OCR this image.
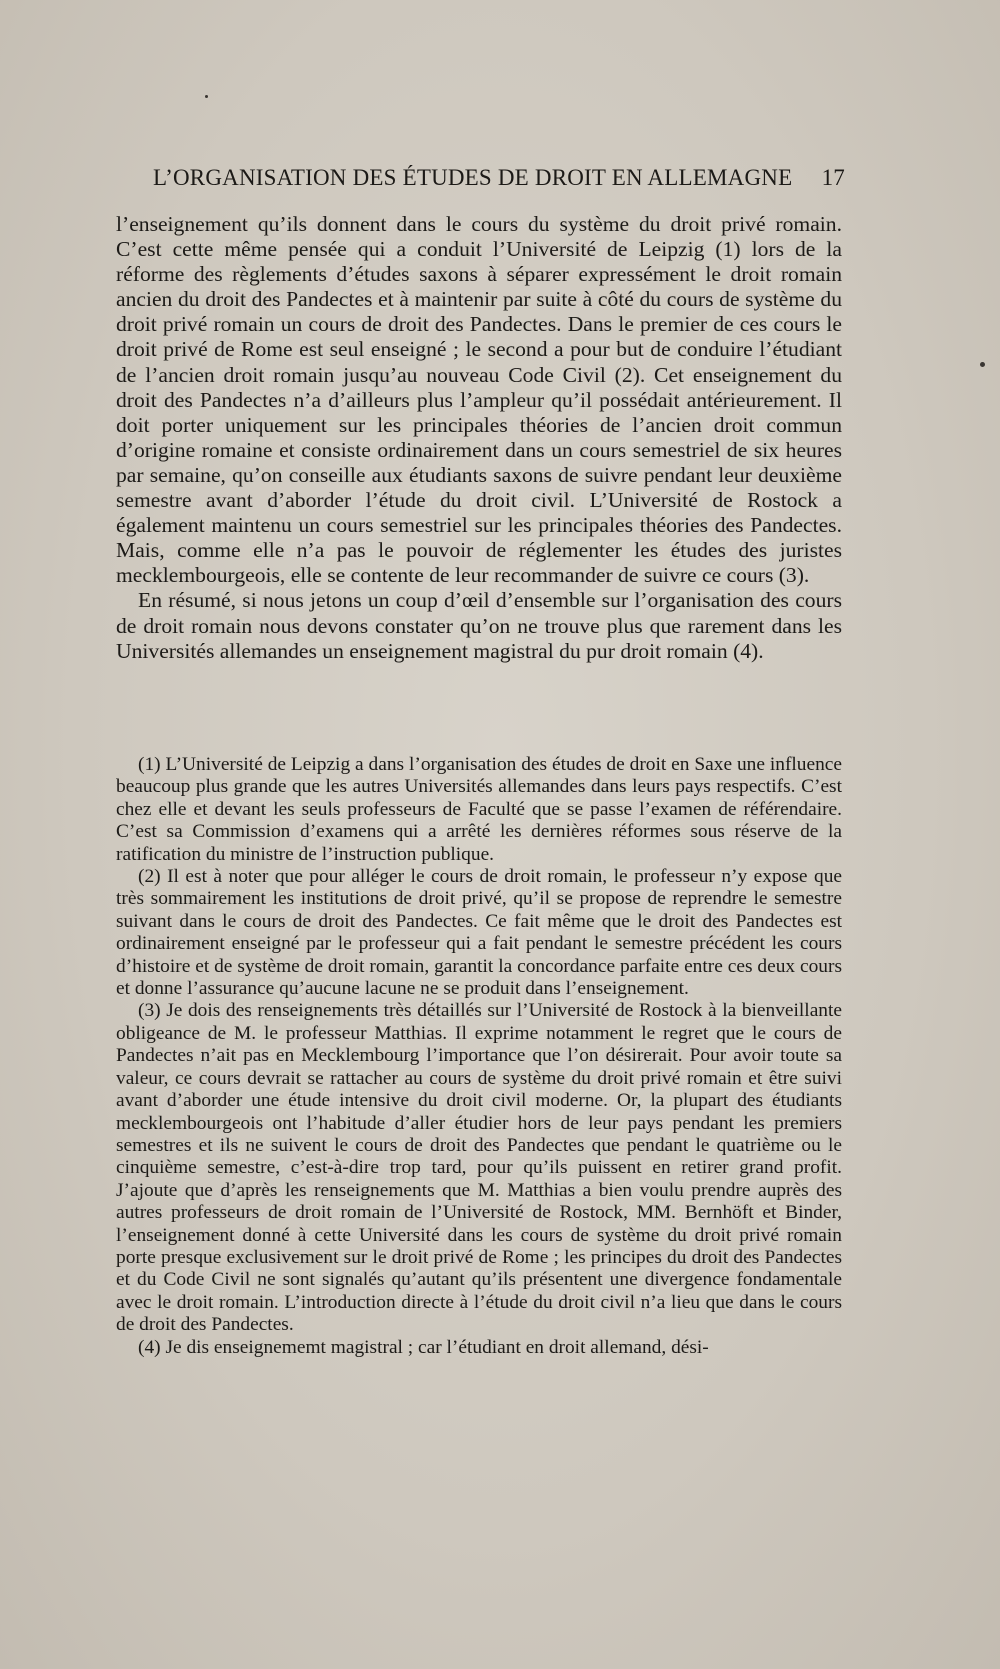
L’ORGANISATION DES ÉTUDES DE DROIT EN ALLEMAGNE 17

l’enseignement qu’ils donnent dans le cours du système du droit privé romain. C’est cette même pensée qui a conduit l’Université de Leipzig (1) lors de la réforme des règlements d’études saxons à séparer expressément le droit romain ancien du droit des Pandectes et à maintenir par suite à côté du cours de système du droit privé romain un cours de droit des Pandectes. Dans le premier de ces cours le droit privé de Rome est seul enseigné ; le second a pour but de conduire l’étudiant de l’ancien droit romain jusqu’au nouveau Code Civil (2). Cet enseignement du droit des Pandectes n’a d’ailleurs plus l’ampleur qu’il possédait antérieurement. Il doit porter uniquement sur les principales théories de l’ancien droit commun d’origine romaine et consiste ordinairement dans un cours semestriel de six heures par semaine, qu’on conseille aux étudiants saxons de suivre pendant leur deuxième semestre avant d’aborder l’étude du droit civil. L’Université de Rostock a également maintenu un cours semestriel sur les principales théories des Pandectes. Mais, comme elle n’a pas le pouvoir de réglementer les études des juristes mecklembourgeois, elle se contente de leur recommander de suivre ce cours (3).

En résumé, si nous jetons un coup d’œil d’ensemble sur l’organisation des cours de droit romain nous devons constater qu’on ne trouve plus que rarement dans les Universités allemandes un enseignement magistral du pur droit romain (4).

(1) L’Université de Leipzig a dans l’organisation des études de droit en Saxe une influence beaucoup plus grande que les autres Universités allemandes dans leurs pays respectifs. C’est chez elle et devant les seuls professeurs de Faculté que se passe l’examen de référendaire. C’est sa Commission d’examens qui a arrêté les dernières réformes sous réserve de la ratification du ministre de l’instruction publique.

(2) Il est à noter que pour alléger le cours de droit romain, le professeur n’y expose que très sommairement les institutions de droit privé, qu’il se propose de reprendre le semestre suivant dans le cours de droit des Pandectes. Ce fait même que le droit des Pandectes est ordinairement enseigné par le professeur qui a fait pendant le semestre précédent les cours d’histoire et de système de droit romain, garantit la concordance parfaite entre ces deux cours et donne l’assurance qu’aucune lacune ne se produit dans l’enseignement.

(3) Je dois des renseignements très détaillés sur l’Université de Rostock à la bienveillante obligeance de M. le professeur Matthias. Il exprime notamment le regret que le cours de Pandectes n’ait pas en Mecklembourg l’importance que l’on désirerait. Pour avoir toute sa valeur, ce cours devrait se rattacher au cours de système du droit privé romain et être suivi avant d’aborder une étude intensive du droit civil moderne. Or, la plupart des étudiants mecklembourgeois ont l’habitude d’aller étudier hors de leur pays pendant les premiers semestres et ils ne suivent le cours de droit des Pandectes que pendant le quatrième ou le cinquième semestre, c’est-à-dire trop tard, pour qu’ils puissent en retirer grand profit. J’ajoute que d’après les renseignements que M. Matthias a bien voulu prendre auprès des autres professeurs de droit romain de l’Université de Rostock, MM. Bernhöft et Binder, l’enseignement donné à cette Université dans les cours de système du droit privé romain porte presque exclusivement sur le droit privé de Rome ; les principes du droit des Pandectes et du Code Civil ne sont signalés qu’autant qu’ils présentent une divergence fondamentale avec le droit romain. L’introduction directe à l’étude du droit civil n’a lieu que dans le cours de droit des Pandectes.

(4) Je dis enseignememt magistral ; car l’étudiant en droit allemand, dési-
